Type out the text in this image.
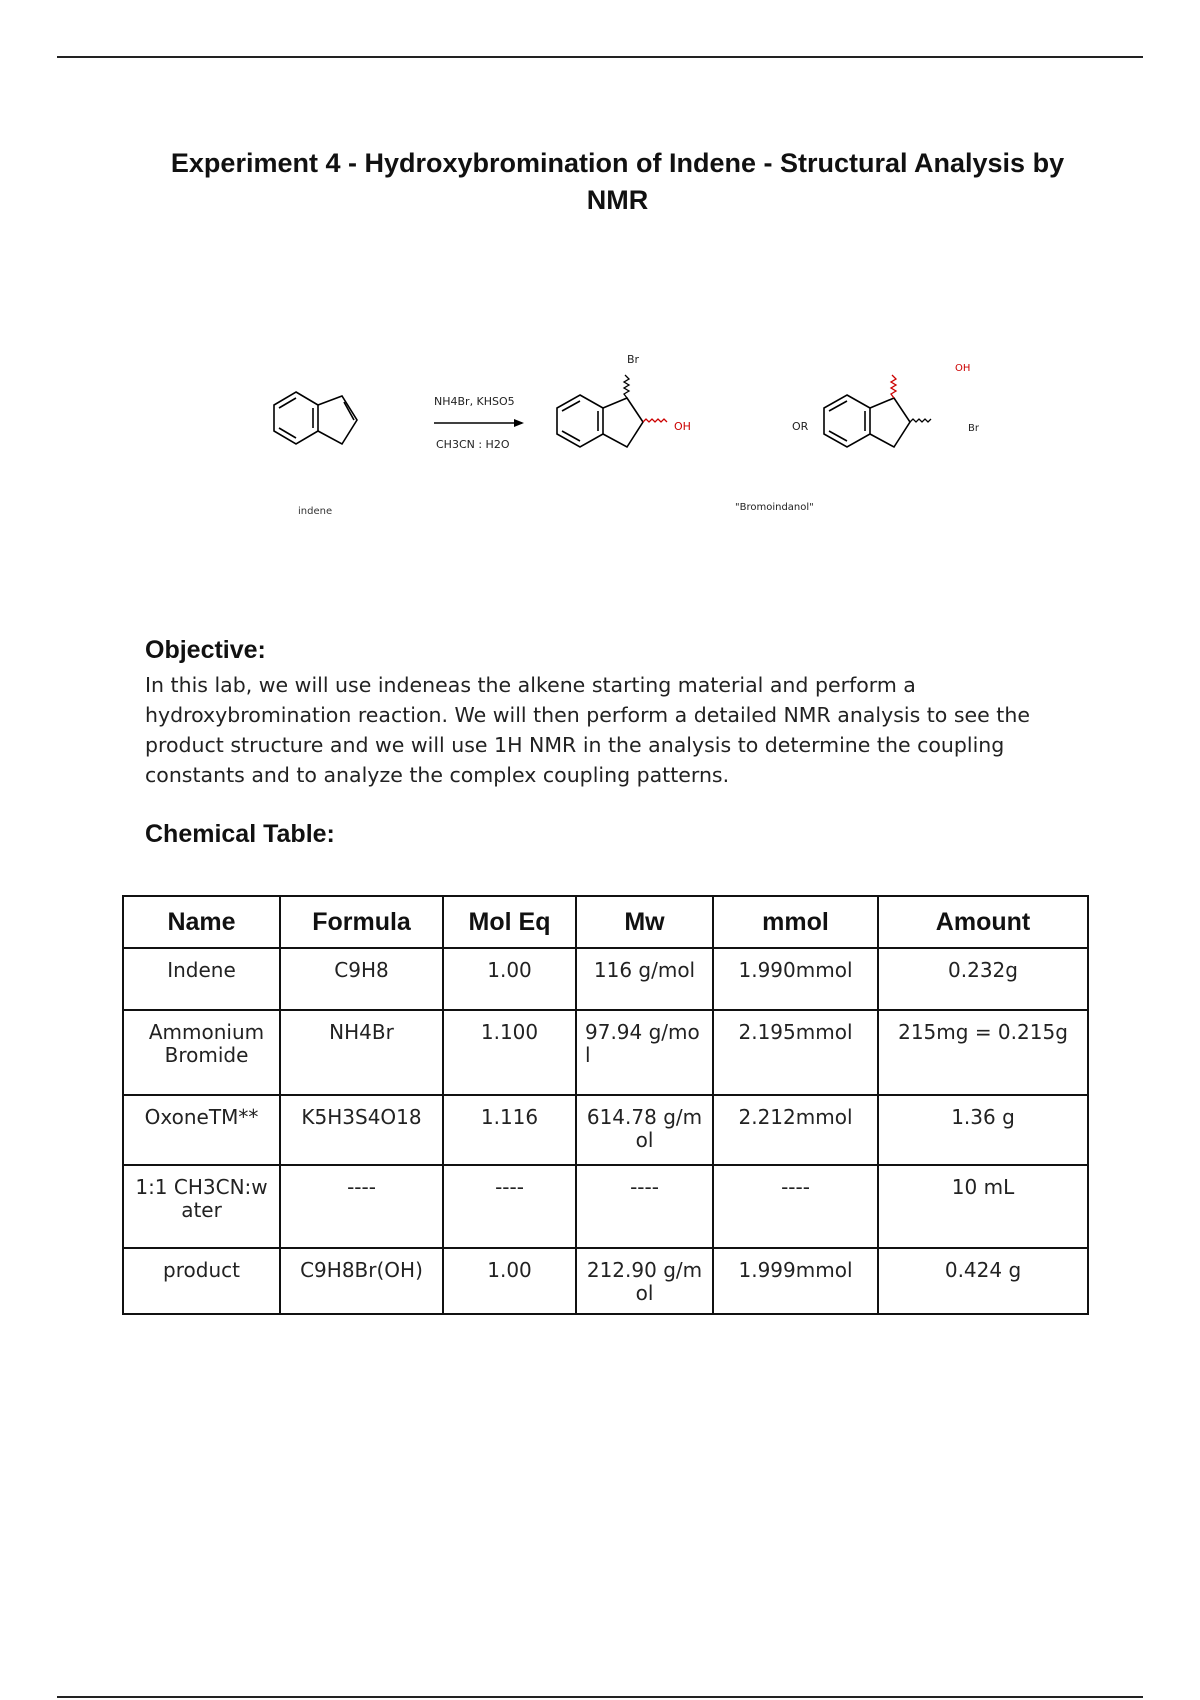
Experiment 4 - Hydroxybromination of Indene - Structural Analysis by NMR
NH4Br, KHSO5
CH3CN : H2O
indene
Br
OH	OR
OH
Br
"Bromoindanol"
Objective:
In this lab, we will use indeneas the alkene starting material and perform a hydroxybromination reaction. We will then perform a detailed NMR analysis to see the product structure and we will use 1H NMR in the analysis to determine the coupling constants and to analyze the complex coupling patterns.
Chemical Table:
Name	Formula	Mol Eq	Mw	mmol	Amount
Indene	C9H8	1.00	116 g/mol	1.990mmol	0.232g
Ammonium Bromide	NH4Br	1.100	97.94 g/mol	2.195mmol	215mg = 0.215g
OxoneTM**	K5H3S4O18	1.116	614.78 g/mol	2.212mmol	1.36 g
1:1 CH3CN:water	----	----	----	----	10 mL
product	C9H8Br(OH)	1.00	212.90 g/mol	1.999mmol	0.424 g
